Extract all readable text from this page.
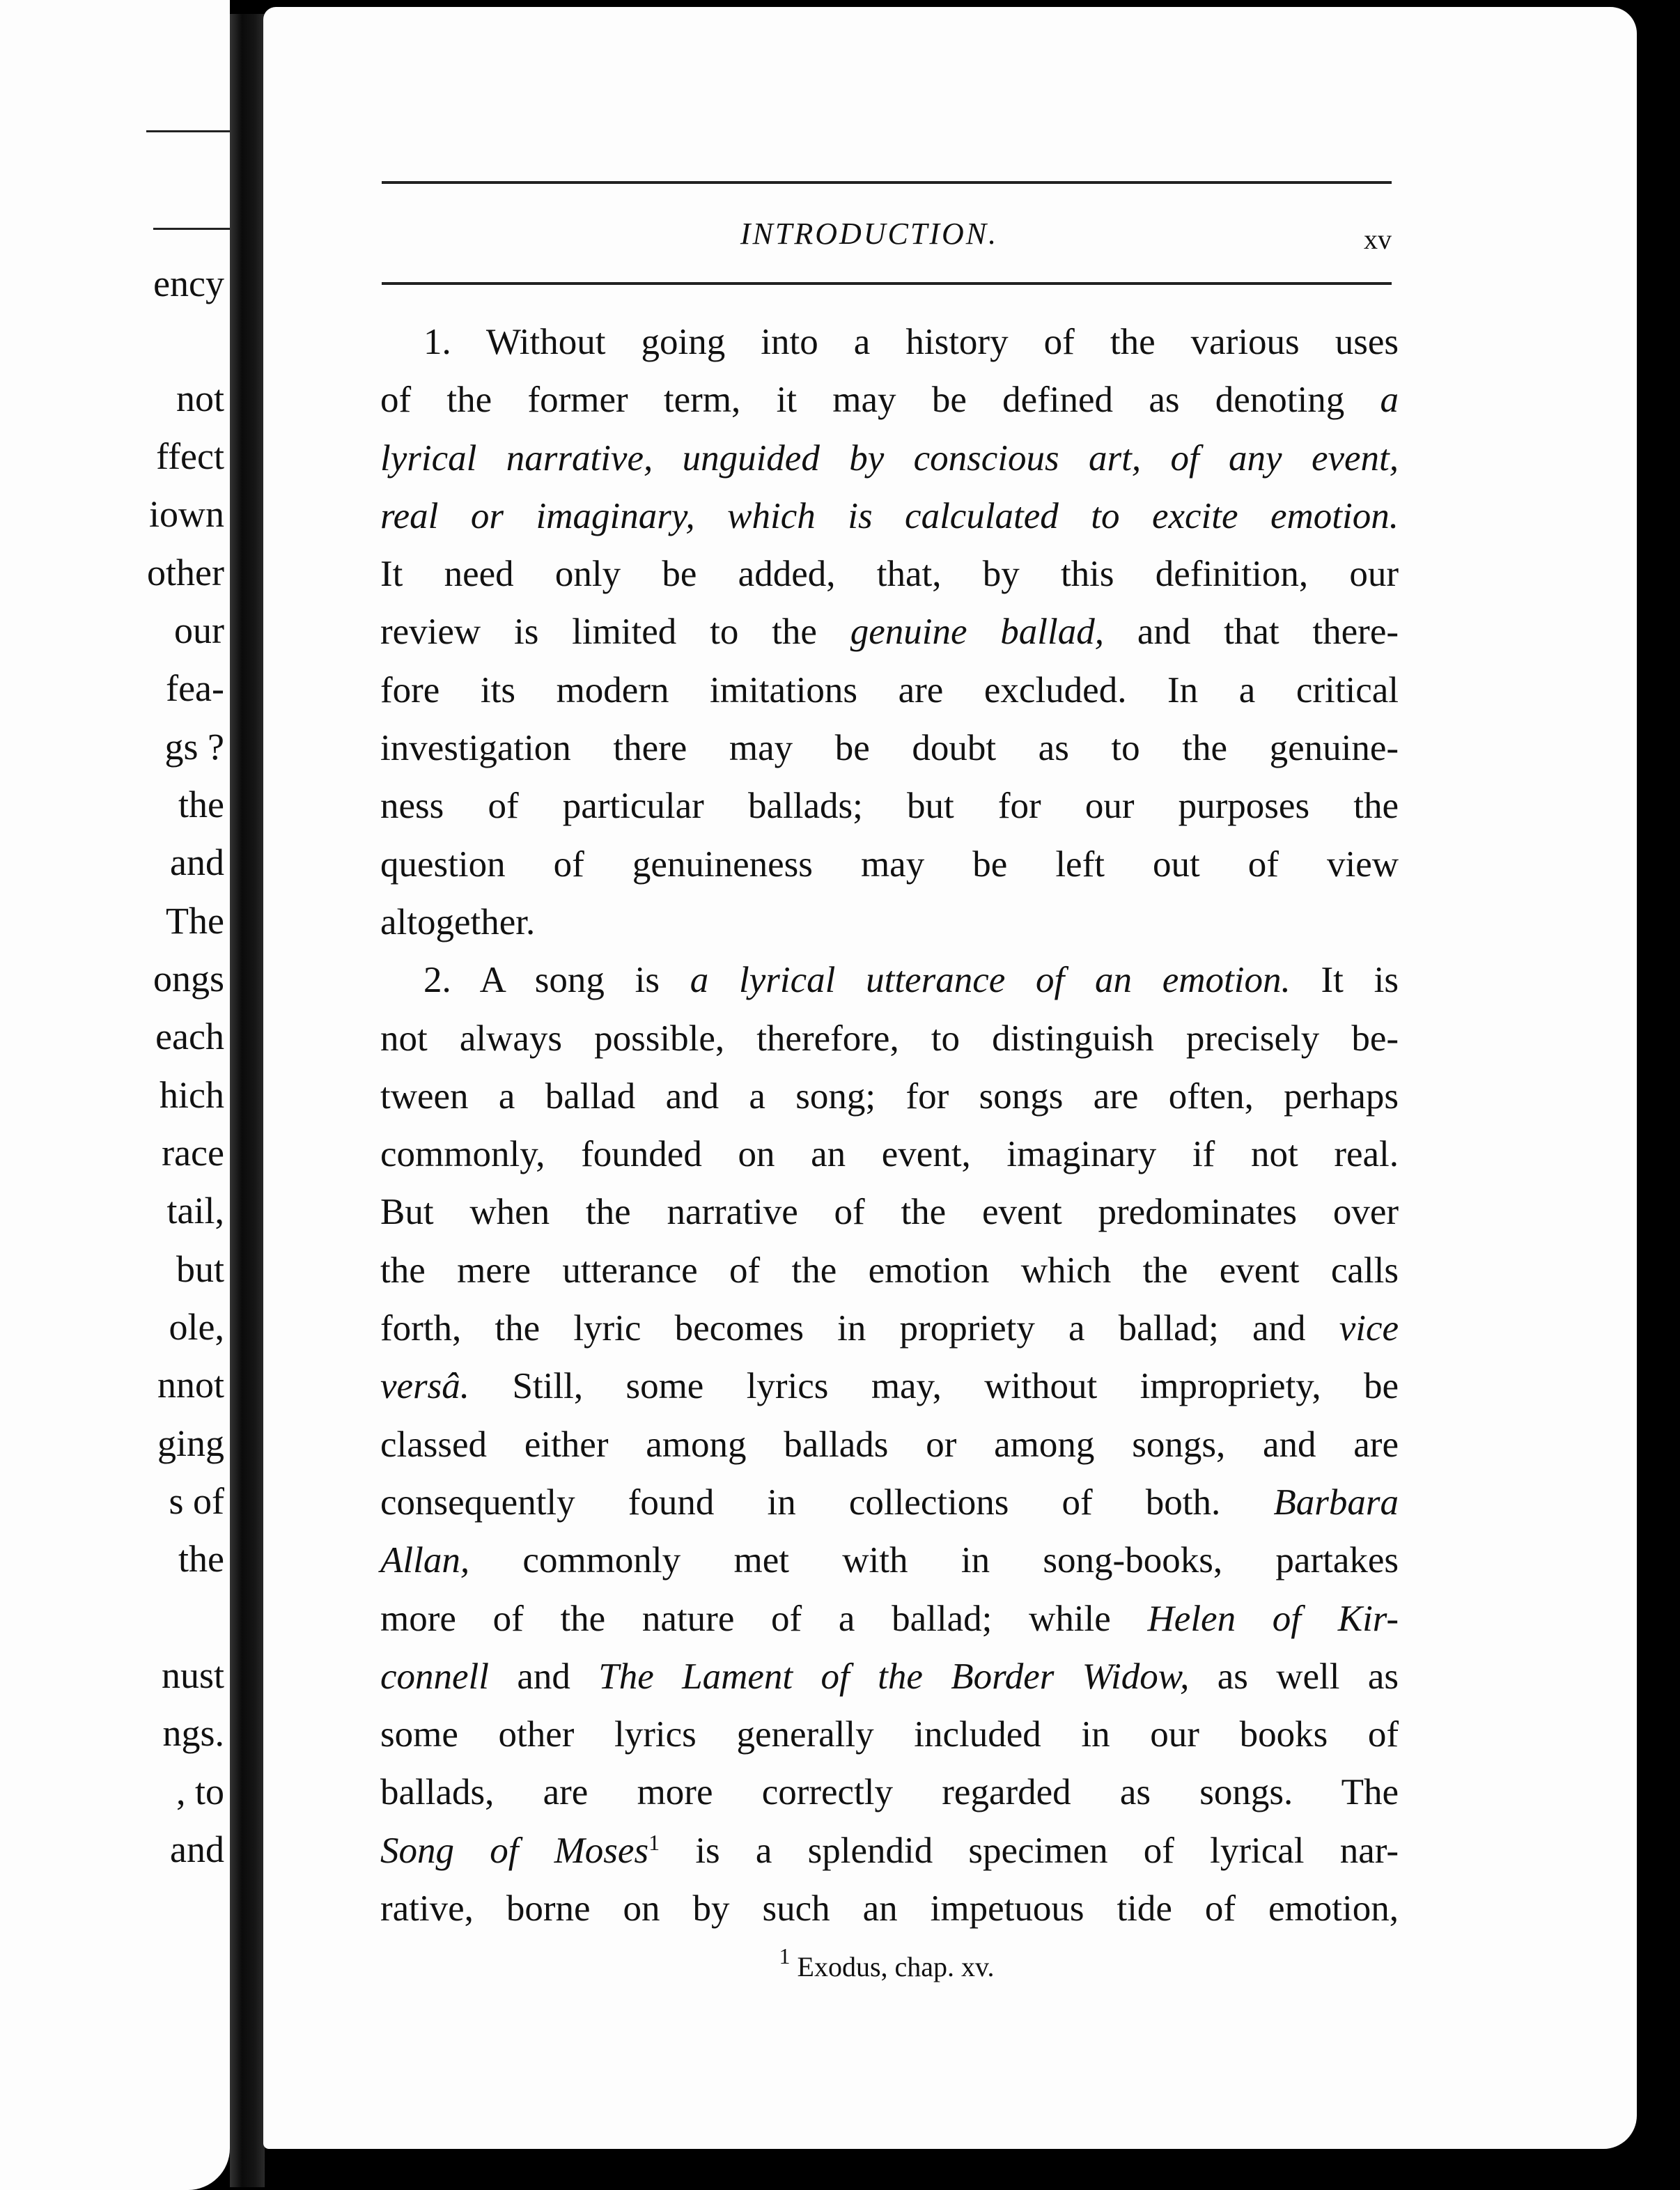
ency
not
ffect
iown
other
our
fea-
gs ?
the
and
The
ongs
each
hich
race
tail,
but
ole,
nnot
ging
s of
the
nust
ngs.
, to
and
INTRODUCTION.	xv
1. Without going into a history of the various uses
of the former term, it may be defined as denoting a
lyrical narrative, unguided by conscious art, of any event,
real or imaginary, which is calculated to excite emotion.
It need only be added, that, by this definition, our
review is limited to the genuine ballad, and that there-
fore its modern imitations are excluded. In a critical
investigation there may be doubt as to the genuine-
ness of particular ballads; but for our purposes the
question of genuineness may be left out of view
altogether.
2. A song is a lyrical utterance of an emotion. It is
not always possible, therefore, to distinguish precisely be-
tween a ballad and a song; for songs are often, perhaps
commonly, founded on an event, imaginary if not real.
But when the narrative of the event predominates over
the mere utterance of the emotion which the event calls
forth, the lyric becomes in propriety a ballad; and vice
versâ. Still, some lyrics may, without impropriety, be
classed either among ballads or among songs, and are
consequently found in collections of both. Barbara
Allan, commonly met with in song-books, partakes
more of the nature of a ballad; while Helen of Kir-
connell and The Lament of the Border Widow, as well as
some other lyrics generally included in our books of
ballads, are more correctly regarded as songs. The
Song of Moses$^1$ is a splendid specimen of lyrical nar-
rative, borne on by such an impetuous tide of emotion,
$^1$ Exodus, chap. xv.
